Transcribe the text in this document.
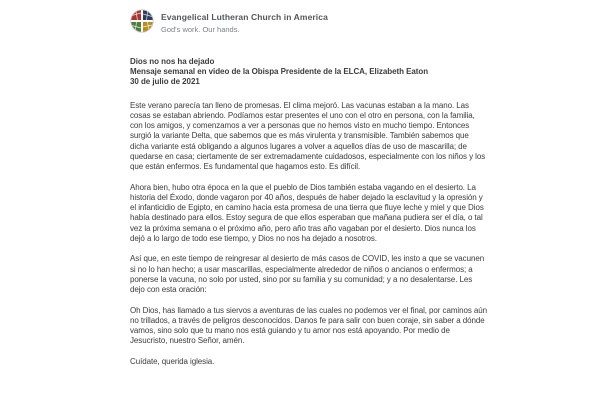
Evangelical Lutheran Church in America
God's work. Our hands.
Dios no nos ha dejado
Mensaje semanal en video de la Obispa Presidente de la ELCA, Elizabeth Eaton
30 de julio de 2021

Este verano parecía tan lleno de promesas. El clima mejoró. Las vacunas estaban a la mano. Las cosas se estaban abriendo. Podíamos estar presentes el uno con el otro en persona, con la familia, con los amigos, y comenzamos a ver a personas que no hemos visto en mucho tiempo. Entonces surgió la variante Delta, que sabemos que es más virulenta y transmisible. También sabemos que dicha variante está obligando a algunos lugares a volver a aquellos días de uso de mascarilla; de quedarse en casa; ciertamente de ser extremadamente cuidadosos, especialmente con los niños y los que están enfermos. Es fundamental que hagamos esto. Es difícil.

Ahora bien, hubo otra época en la que el pueblo de Dios también estaba vagando en el desierto. La historia del Éxodo, donde vagaron por 40 años, después de haber dejado la esclavitud y la opresión y el infanticidio de Egipto, en camino hacia esta promesa de una tierra que fluye leche y miel y que Dios había destinado para ellos. Estoy segura de que ellos esperaban que mañana pudiera ser el día, o tal vez la próxima semana o el próximo año, pero año tras año vagaban por el desierto. Dios nunca los dejó a lo largo de todo ese tiempo, y Dios no nos ha dejado a nosotros.

Así que, en este tiempo de reingresar al desierto de más casos de COVID, les insto a que se vacunen si no lo han hecho; a usar mascarillas, especialmente alrededor de niños o ancianos o enfermos; a ponerse la vacuna, no solo por usted, sino por su familia y su comunidad; y a no desalentarse. Les dejo con esta oración:

Oh Dios, has llamado a tus siervos a aventuras de las cuales no podemos ver el final, por caminos aún no trillados, a través de peligros desconocidos. Danos fe para salir con buen coraje, sin saber a dónde vamos, sino solo que tu mano nos está guiando y tu amor nos está apoyando. Por medio de Jesucristo, nuestro Señor, amén.

Cuídate, querida iglesia.
